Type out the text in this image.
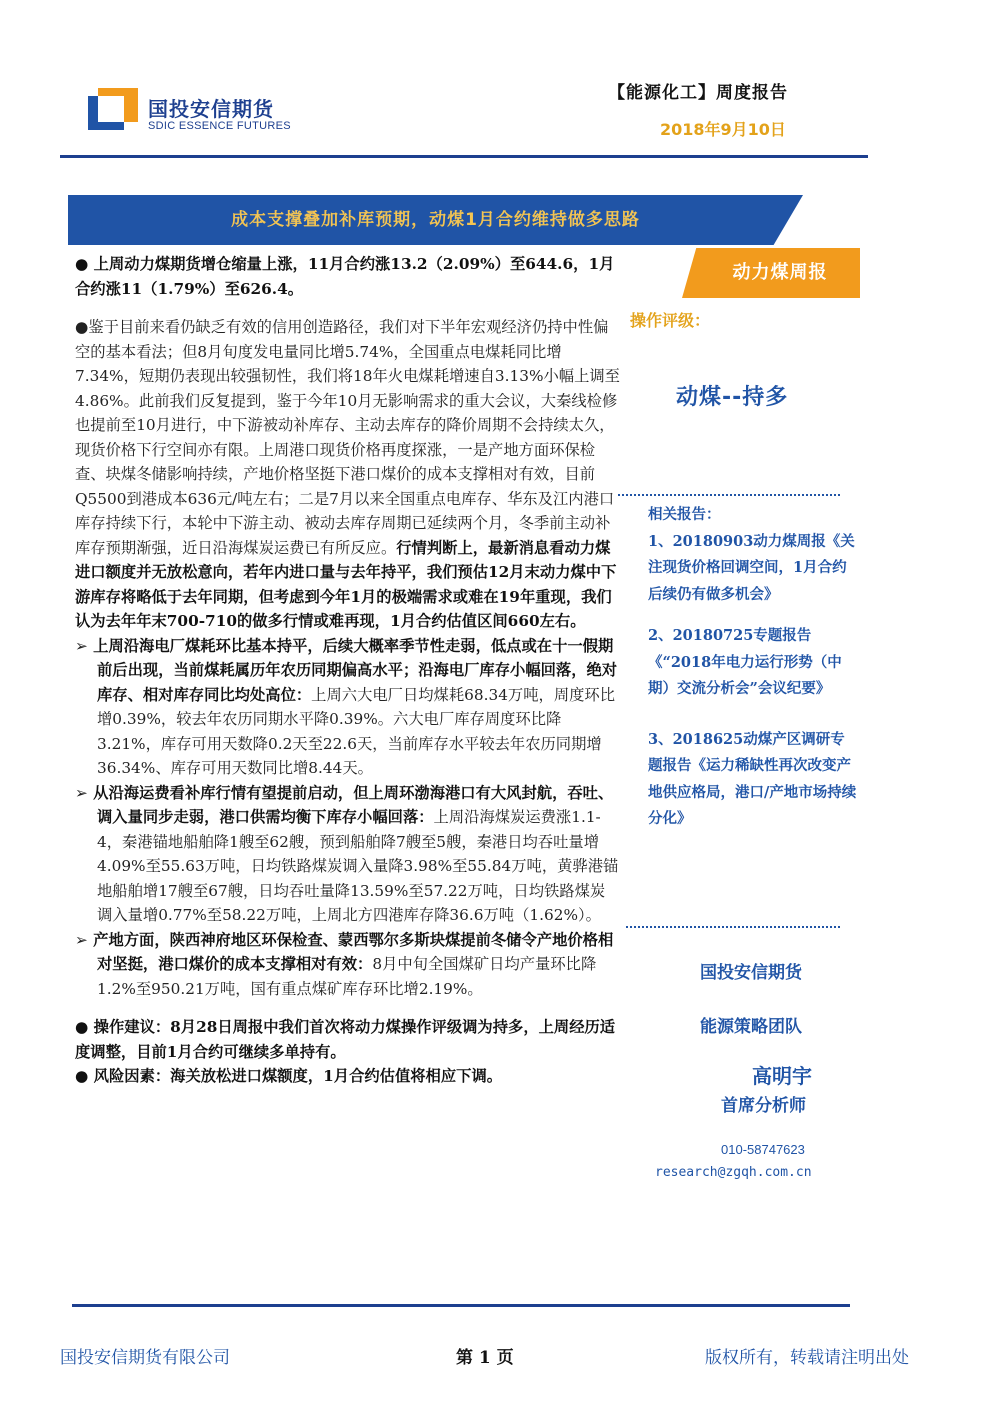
国投安信期货
SDIC ESSENCE FUTURES
【能源化工】周度报告
2018年9月10日
成本支撑叠加补库预期，动煤1月合约维持做多思路
动力煤周报

● 上周动力煤期货增仓缩量上涨，11月合约涨13.2（2.09%）至644.6，1月合约涨11（1.79%）至626.4。

●鉴于目前来看仍缺乏有效的信用创造路径，我们对下半年宏观经济仍持中性偏空的基本看法；但8月旬度发电量同比增5.74%，全国重点电煤耗同比增7.34%，短期仍表现出较强韧性，我们将18年火电煤耗增速自3.13%小幅上调至4.86%。此前我们反复提到，鉴于今年10月无影响需求的重大会议，大秦线检修也提前至10月进行，中下游被动补库存、主动去库存的降价周期不会持续太久，现货价格下行空间亦有限。上周港口现货价格再度探涨，一是产地方面环保检查、块煤冬储影响持续，产地价格坚挺下港口煤价的成本支撑相对有效，目前Q5500到港成本636元/吨左右；二是7月以来全国重点电库存、华东及江内港口库存持续下行，本轮中下游主动、被动去库存周期已延续两个月，冬季前主动补库存预期渐强，近日沿海煤炭运费已有所反应。行情判断上，最新消息看动力煤进口额度并无放松意向，若年内进口量与去年持平，我们预估12月末动力煤中下游库存将略低于去年同期，但考虑到今年1月的极端需求或难在19年重现，我们认为去年年末700-710的做多行情或难再现，1月合约估值区间660左右。

➢ 上周沿海电厂煤耗环比基本持平，后续大概率季节性走弱，低点或在十一假期前后出现，当前煤耗属历年农历同期偏高水平；沿海电厂库存小幅回落，绝对库存、相对库存同比均处高位：上周六大电厂日均煤耗68.34万吨，周度环比增0.39%，较去年农历同期水平降0.39%。六大电厂库存周度环比降3.21%，库存可用天数降0.2天至22.6天，当前库存水平较去年农历同期增36.34%、库存可用天数同比增8.44天。

➢ 从沿海运费看补库行情有望提前启动，但上周环渤海港口有大风封航，吞吐、调入量同步走弱，港口供需均衡下库存小幅回落：上周沿海煤炭运费涨1.1-4，秦港锚地船舶降1艘至62艘，预到船舶降7艘至5艘，秦港日均吞吐量增4.09%至55.63万吨，日均铁路煤炭调入量降3.98%至55.84万吨，黄骅港锚地船舶增17艘至67艘，日均吞吐量降13.59%至57.22万吨，日均铁路煤炭调入量增0.77%至58.22万吨，上周北方四港库存降36.6万吨（1.62%）。

➢ 产地方面，陕西神府地区环保检查、蒙西鄂尔多斯块煤提前冬储令产地价格相对坚挺，港口煤价的成本支撑相对有效：8月中旬全国煤矿日均产量环比降1.2%至950.21万吨，国有重点煤矿库存环比增2.19%。

● 操作建议：8月28日周报中我们首次将动力煤操作评级调为持多，上周经历适度调整，目前1月合约可继续多单持有。

● 风险因素：海关放松进口煤额度，1月合约估值将相应下调。

操作评级：
动煤--持多

相关报告：

1、20180903动力煤周报《关注现货价格回调空间，1月合约后续仍有做多机会》

2、20180725专题报告《“2018年电力运行形势（中期）交流分析会”会议纪要》

3、2018625动煤产区调研专题报告《运力稀缺性再次改变产地供应格局，港口/产地市场持续分化》

国投安信期货
能源策略团队
高明宇
首席分析师
010-58747623
research@zgqh.com.cn
国投安信期货有限公司	第 1 页	版权所有，转载请注明出处
